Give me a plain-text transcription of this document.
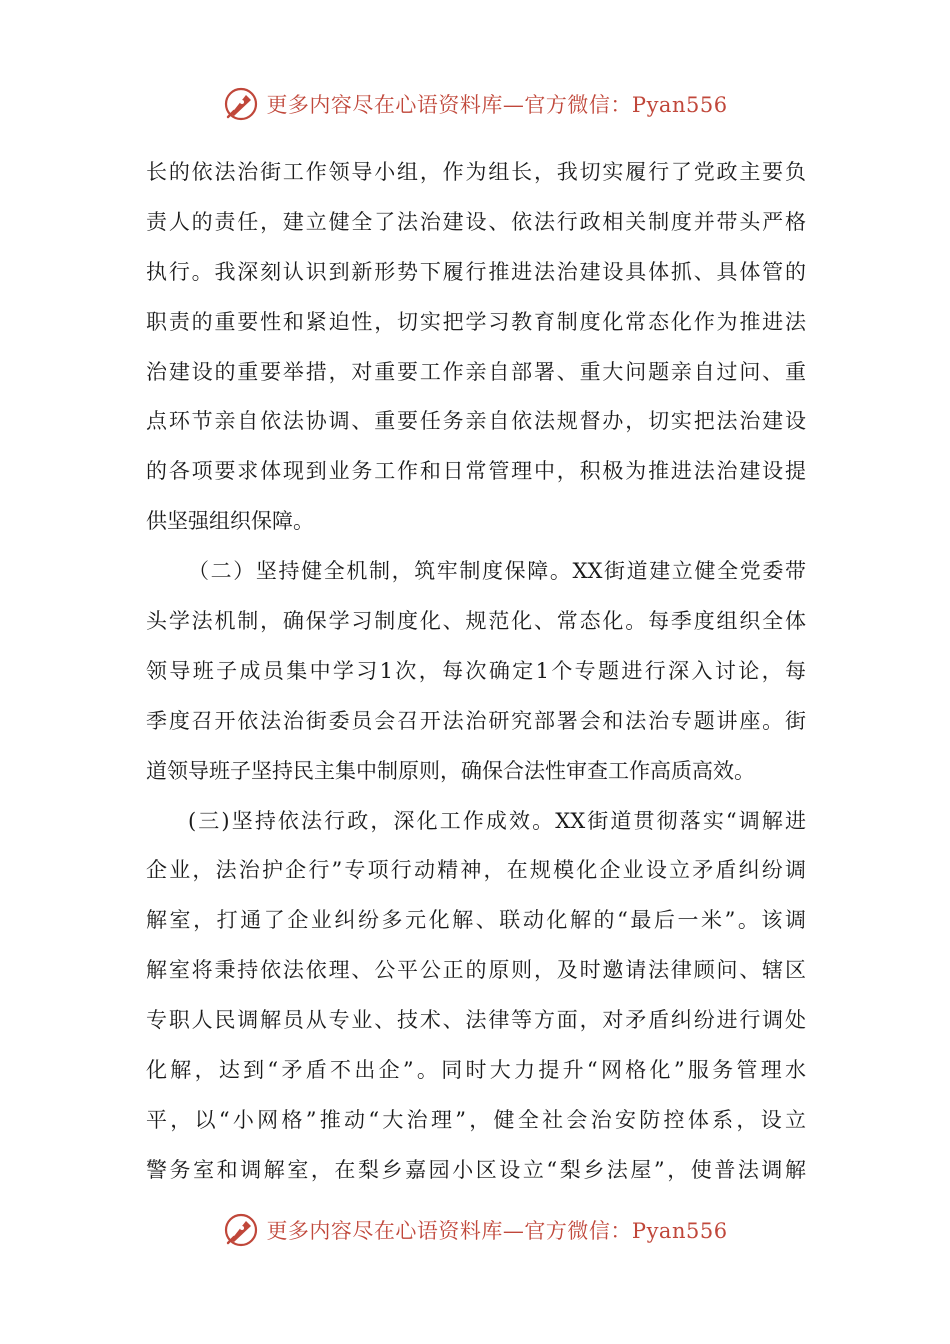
更多内容尽在心语资料库—官方微信：Pyan556
长的依法治街工作领导小组，作为组长，我切实履行了党政主要负
责人的责任，建立健全了法治建设、依法行政相关制度并带头严格
执行。我深刻认识到新形势下履行推进法治建设具体抓、具体管的
职责的重要性和紧迫性，切实把学习教育制度化常态化作为推进法
治建设的重要举措，对重要工作亲自部署、重大问题亲自过问、重
点环节亲自依法协调、重要任务亲自依法规督办，切实把法治建设
的各项要求体现到业务工作和日常管理中，积极为推进法治建设提
供坚强组织保障。
（二）坚持健全机制，筑牢制度保障。XX街道建立健全党委带
头学法机制，确保学习制度化、规范化、常态化。每季度组织全体
领导班子成员集中学习1次，每次确定1个专题进行深入讨论，每
季度召开依法治街委员会召开法治研究部署会和法治专题讲座。街
道领导班子坚持民主集中制原则，确保合法性审查工作高质高效。
(三)坚持依法行政，深化工作成效。XX街道贯彻落实“调解进
企业，法治护企行”专项行动精神，在规模化企业设立矛盾纠纷调
解室，打通了企业纠纷多元化解、联动化解的“最后一米”。该调
解室将秉持依法依理、公平公正的原则，及时邀请法律顾问、辖区
专职人民调解员从专业、技术、法律等方面，对矛盾纠纷进行调处
化解，达到“矛盾不出企”。同时大力提升“网格化”服务管理水
平，以“小网格”推动“大治理”，健全社会治安防控体系，设立
警务室和调解室，在梨乡嘉园小区设立“梨乡法屋”，使普法调解
更多内容尽在心语资料库—官方微信：Pyan556
